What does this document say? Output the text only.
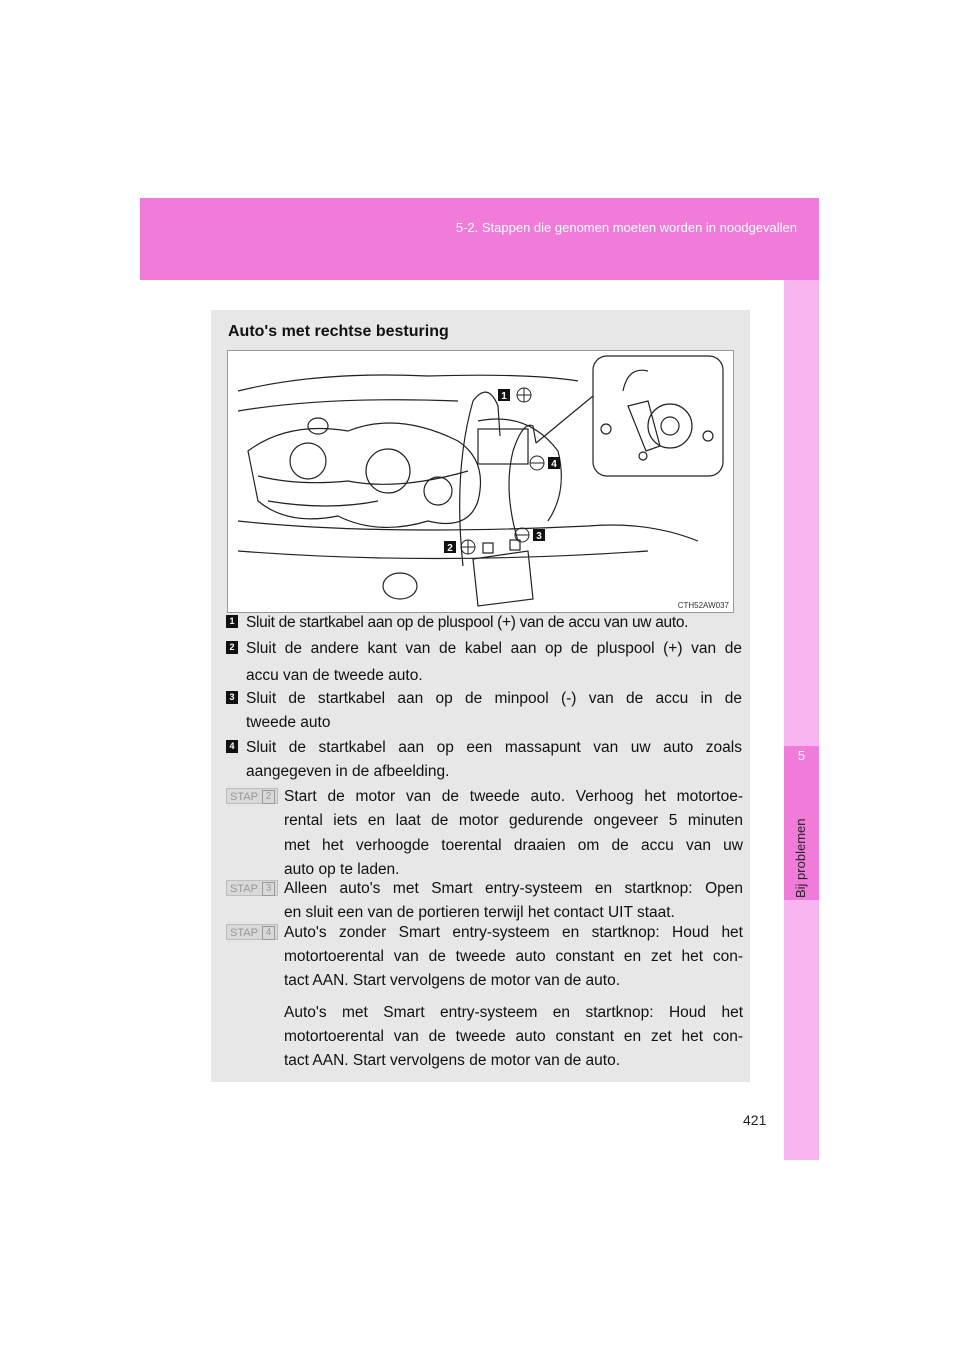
5-2. Stappen die genomen moeten worden in noodgevallen
5
Bij problemen
Auto's met rechtse besturing
1
4
2
3
CTH52AW037
1 Sluit de startkabel aan op de pluspool (+) van de accu van uw auto.
2 Sluit de andere kant van de kabel aan op de pluspool (+) van de
accu van de tweede auto.
3 Sluit de startkabel aan op de minpool (-) van de accu in de
tweede auto
4 Sluit de startkabel aan op een massapunt van uw auto zoals
aangegeven in de afbeelding.
STAP 2 Start de motor van de tweede auto. Verhoog het motortoe-
rental iets en laat de motor gedurende ongeveer 5 minuten
met het verhoogde toerental draaien om de accu van uw
auto op te laden.
STAP 3 Alleen auto's met Smart entry-systeem en startknop: Open
en sluit een van de portieren terwijl het contact UIT staat.
STAP 4 Auto's zonder Smart entry-systeem en startknop: Houd het
motortoerental van de tweede auto constant en zet het con-
tact AAN. Start vervolgens de motor van de auto.
Auto's met Smart entry-systeem en startknop: Houd het
motortoerental van de tweede auto constant en zet het con-
tact AAN. Start vervolgens de motor van de auto.
421
